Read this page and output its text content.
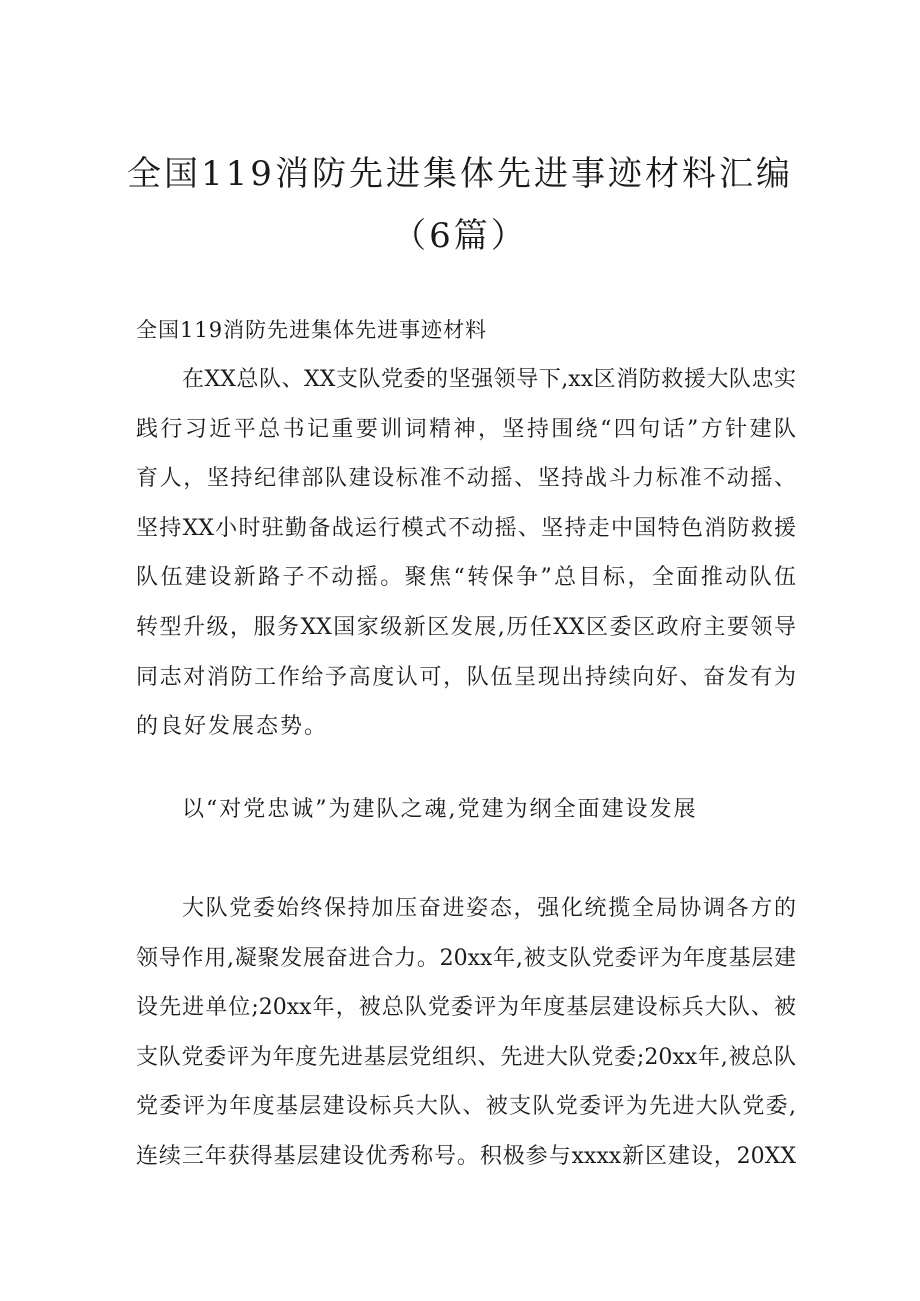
全国119消防先进集体先进事迹材料汇编
（6篇）
全国119消防先进集体先进事迹材料
在XX总队、XX支队党委的坚强领导下,xx区消防救援大队忠实
践行习近平总书记重要训词精神，坚持围绕“四句话”方针建队
育人，坚持纪律部队建设标准不动摇、坚持战斗力标准不动摇、
坚持XX小时驻勤备战运行模式不动摇、坚持走中国特色消防救援
队伍建设新路子不动摇。聚焦“转保争”总目标，全面推动队伍
转型升级，服务XX国家级新区发展,历任XX区委区政府主要领导
同志对消防工作给予高度认可，队伍呈现出持续向好、奋发有为
的良好发展态势。
以“对党忠诚”为建队之魂,党建为纲全面建设发展
大队党委始终保持加压奋进姿态，强化统揽全局协调各方的
领导作用,凝聚发展奋进合力。20xx年,被支队党委评为年度基层建
设先进单位;20xx年，被总队党委评为年度基层建设标兵大队、被
支队党委评为年度先进基层党组织、先进大队党委;20xx年,被总队
党委评为年度基层建设标兵大队、被支队党委评为先进大队党委,
连续三年获得基层建设优秀称号。积极参与xxxx新区建设，20XX
